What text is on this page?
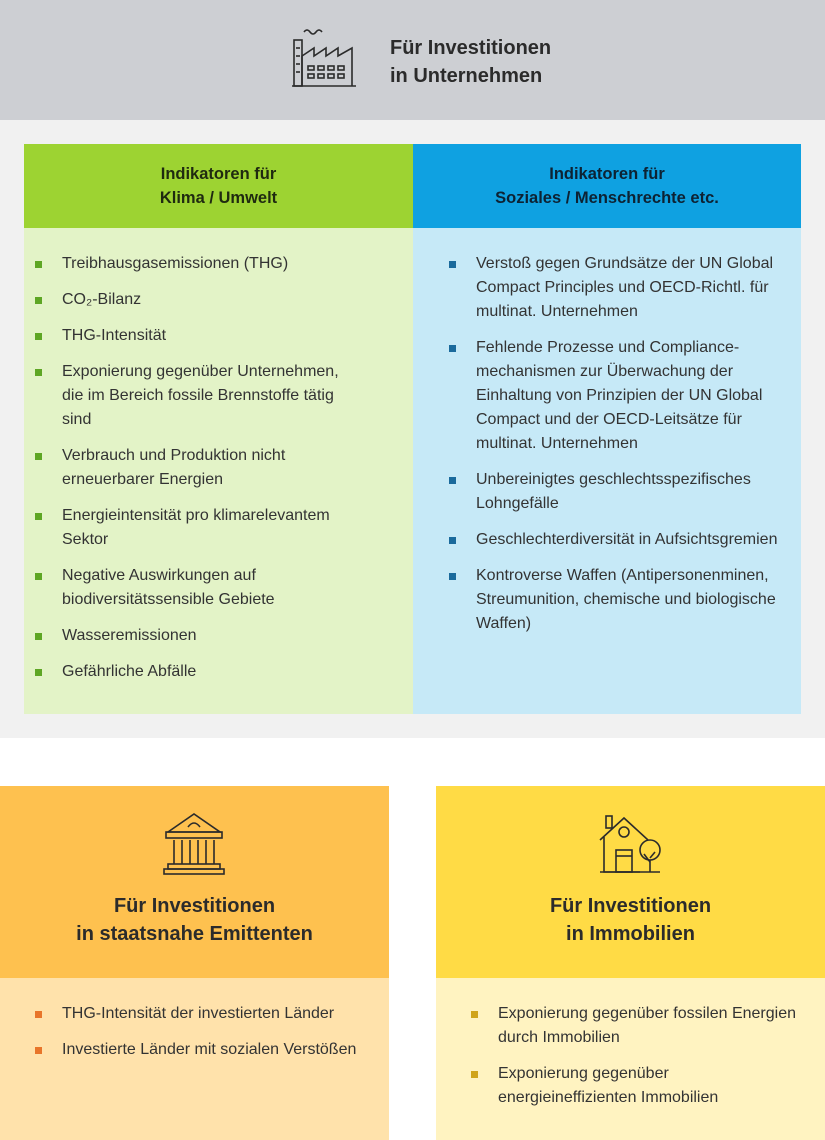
Für Investitionen
in Unternehmen
Indikatoren für
Klima / Umwelt
Indikatoren für
Soziales / Menschrechte etc.
Treibhausgasemissionen (THG)
CO₂-Bilanz
THG-Intensität
Exponierung gegenüber Unternehmen, die im Bereich fossile Brennstoffe tätig sind
Verbrauch und Produktion nicht erneuerbarer Energien
Energieintensität pro klimarelevantem Sektor
Negative Auswirkungen auf biodiversitätssensible Gebiete
Wasseremissionen
Gefährliche Abfälle
Verstoß gegen Grundsätze der UN Global Compact Principles und OECD-Richtl. für multinat. Unternehmen
Fehlende Prozesse und Compliance-mechanismen zur Überwachung der Einhaltung von Prinzipien der UN Global Compact und der OECD-Leitsätze für multinat. Unternehmen
Unbereinigtes geschlechtsspezifisches Lohngefälle
Geschlechterdiversität in Aufsichtsgremien
Kontroverse Waffen (Antipersonenminen, Streumunition, chemische und biologische Waffen)
Für Investitionen
in staatsnahe Emittenten
THG-Intensität der investierten Länder
Investierte Länder mit sozialen Verstößen
Für Investitionen
in Immobilien
Exponierung gegenüber fossilen Energien durch Immobilien
Exponierung gegenüber energieineffizienten Immobilien
